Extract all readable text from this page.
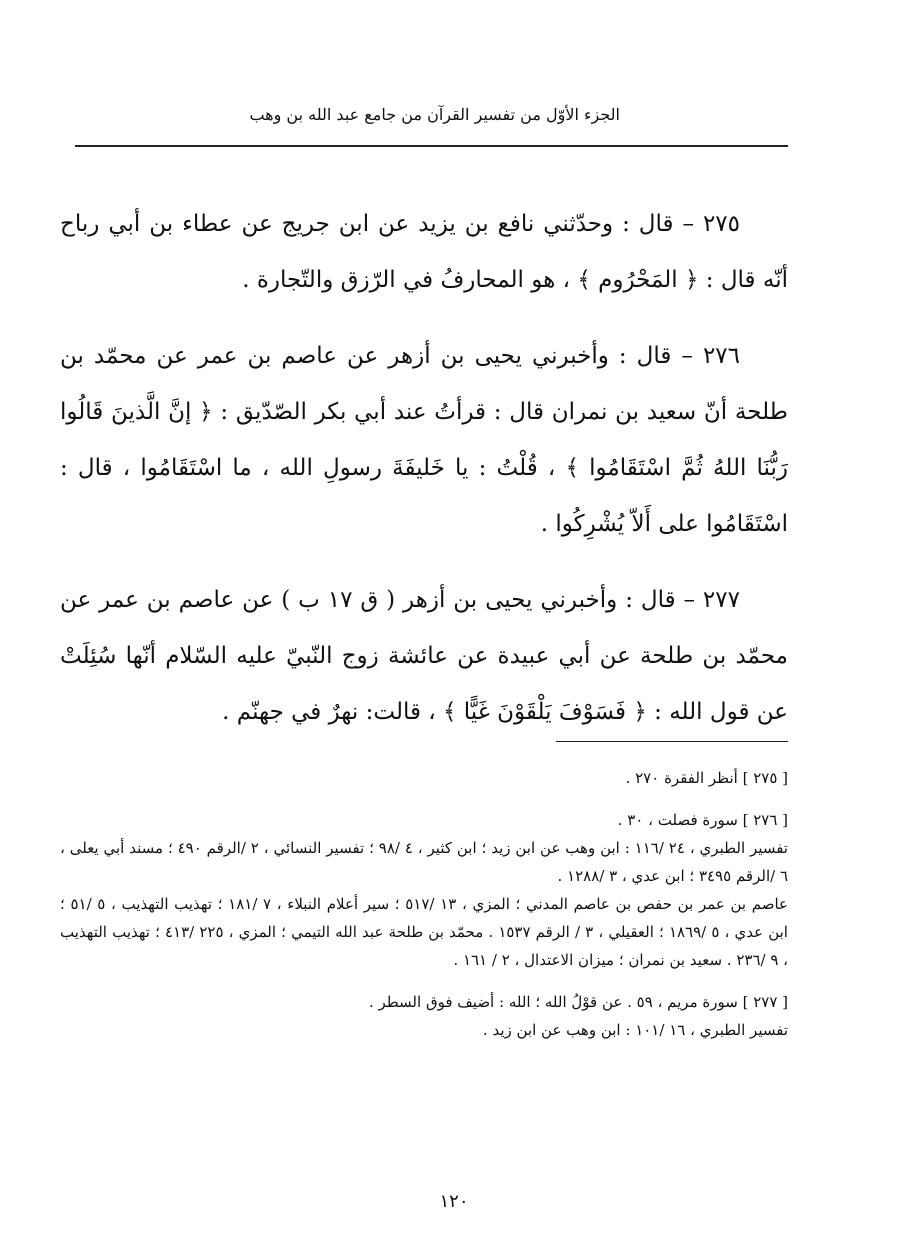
الجزء الأوّل من تفسير القرآن من جامع عبد الله بن وهب

٢٧٥ – قال : وحدّثني نافع بن يزيد عن ابن جريج عن عطاء بن أبي رباح أنّه قال : ﴿ المَحْرُوم ﴾ ، هو المحارفُ في الرّزق والتّجارة .

٢٧٦ – قال : وأخبرني يحيى بن أزهر عن عاصم بن عمر عن محمّد بن طلحة أنّ سعيد بن نمران قال : قرأتُ عند أبي بكر الصّدّيق : ﴿ إنَّ الَّذينَ قَالُوا رَبُّنَا اللهُ ثُمَّ اسْتَقَامُوا ﴾ ، قُلْتُ : يا خَليفَةَ رسولِ الله ، ما اسْتَقَامُوا ، قال : اسْتَقَامُوا على أَلاّ يُشْرِكُوا .

٢٧٧ – قال : وأخبرني يحيى بن أزهر ( ق ١٧ ب ) عن عاصم بن عمر عن محمّد بن طلحة عن أبي عبيدة عن عائشة زوج النّبيّ عليه السّلام أنّها سُئِلَتْ عن قول الله : ﴿ فَسَوْفَ يَلْقَوْنَ غَيًّا ﴾ ، قالت: نهرٌ في جهنّم .

[ ٢٧٥ ] أنظر الفقرة ٢٧٠ .

[ ٢٧٦ ] سورة فصلت ، ٣٠ .

تفسير الطبري ، ٢٤ /١١٦ : ابن وهب عن ابن زيد ؛ ابن كثير ، ٤ /٩٨ ؛ تفسير النسائي ، ٢ /الرقم ٤٩٠ ؛ مسند أبي يعلى ، ٦ /الرقم ٣٤٩٥ ؛ ابن عدي ، ٣ /١٢٨٨ .

عاصم بن عمر بن حفص بن عاصم المدني ؛ المزي ، ١٣ /٥١٧ ؛ سير أعلام النبلاء ، ٧ /١٨١ ؛ تهذيب التهذيب ، ٥ /٥١ ؛ ابن عدي ، ٥ /١٨٦٩ ؛ العقيلي ، ٣ / الرقم ١٥٣٧ . محمّد بن طلحة عبد الله التيمي ؛ المزي ، ٢٢٥ /٤١٣ ؛ تهذيب التهذيب ، ٩ /٢٣٦ . سعيد بن نمران ؛ ميزان الاعتدال ، ٢ / ١٦١ .

[ ٢٧٧ ] سورة مريم ، ٥٩ . عن قوْلُ الله ؛ الله : أضيف فوق السطر .

تفسير الطبري ، ١٦ /١٠١ : ابن وهب عن ابن زيد .

١٢٠
